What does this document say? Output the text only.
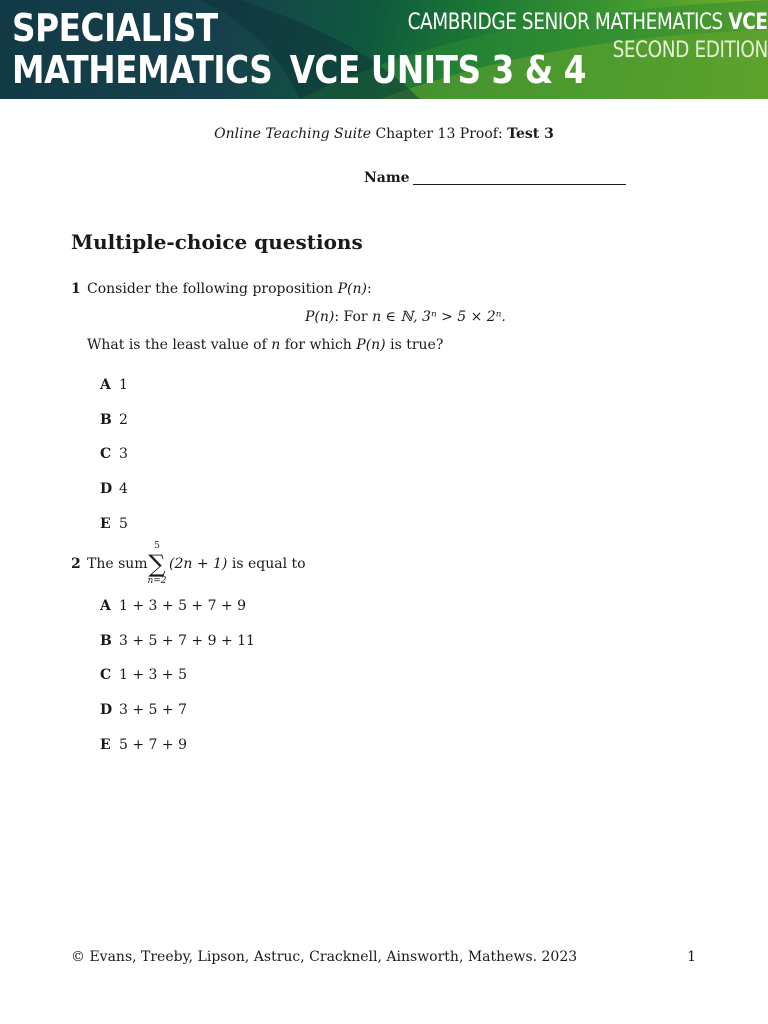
SPECIALIST

MATHEMATICS VCE UNITS 3 & 4

CAMBRIDGE SENIOR MATHEMATICS VCE

SECOND EDITION

Online Teaching Suite Chapter 13 Proof: Test 3
Name
Multiple-choice questions
1 Consider the following proposition P(n):
P(n): For n ∈ ℕ, 3ⁿ > 5 × 2ⁿ.
What is the least value of n for which P(n) is true?
A 1
B 2
C 3
D 4
E 5
2 The sum
5
∑
n=2
(2n + 1) is equal to
A 1 + 3 + 5 + 7 + 9
B 3 + 5 + 7 + 9 + 11
C 1 + 3 + 5
D 3 + 5 + 7
E 5 + 7 + 9
© Evans, Treeby, Lipson, Astruc, Cracknell, Ainsworth, Mathews. 2023	1
